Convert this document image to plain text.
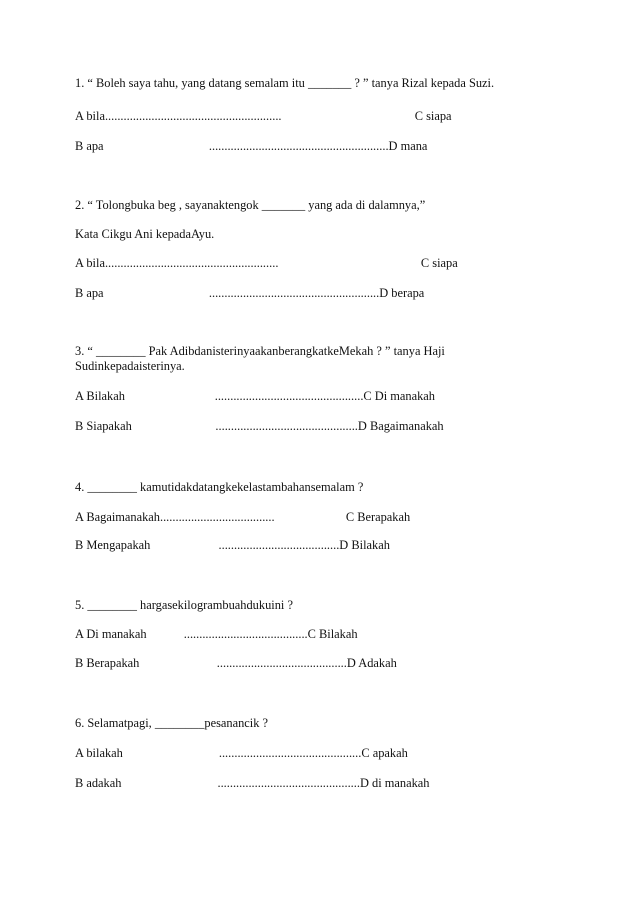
1. “ Boleh saya tahu, yang datang semalam itu _______ ? ” tanya Rizal kepada Suzi.
A bila.........................................................                                           C siapa
B apa                                  ..........................................................D mana
2. “ Tolongbuka beg , sayanaktengok _______ yang ada di dalamnya,”
Kata Cikgu Ani kepadaAyu.
A bila........................................................                                              C siapa
B apa                                  .......................................................D berapa
3. “ ________ Pak AdibdanisterinyaakanberangkatkeMekah ? ” tanya Haji Sudinkepadaisterinya.
A Bilakah                             ................................................C Di manakah
B Siapakah                           ..............................................D Bagaimanakah
4. ________ kamutidakdatangkekelastambahansemalam ?
A Bagaimanakah.....................................                       C Berapakah
B Mengapakah                      .......................................D Bilakah
5. ________ hargasekilogrambuahdukuini ?
A Di manakah            ........................................C Bilakah
B Berapakah                         ..........................................D Adakah
6. Selamatpagi, ________pesanancik ?
A bilakah                               ..............................................C apakah
B adakah                               ..............................................D di manakah
